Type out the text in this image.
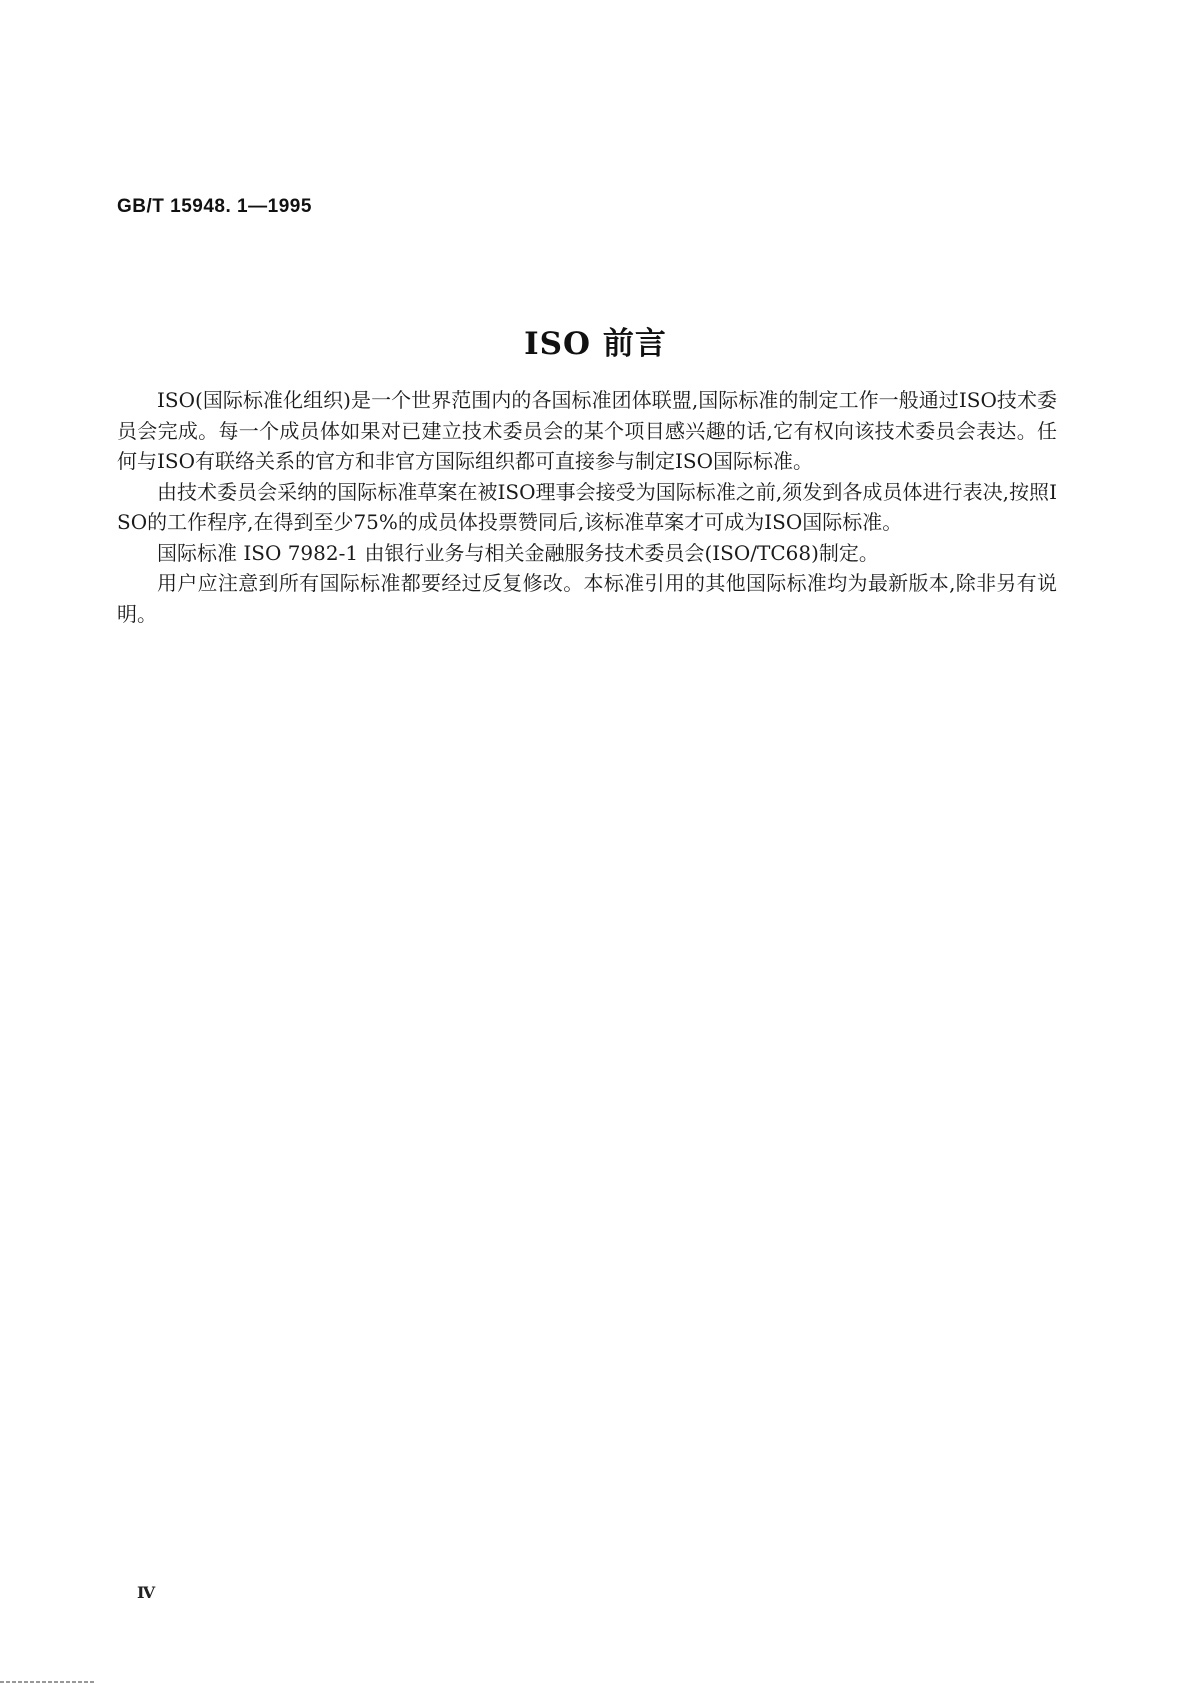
GB/T 15948. 1—1995
ISO 前言

ISO(国际标准化组织)是一个世界范围内的各国标准团体联盟,国际标准的制定工作一般通过ISO技术委员会完成。每一个成员体如果对已建立技术委员会的某个项目感兴趣的话,它有权向该技术委员会表达。任何与ISO有联络关系的官方和非官方国际组织都可直接参与制定ISO国际标准。

由技术委员会采纳的国际标准草案在被ISO理事会接受为国际标准之前,须发到各成员体进行表决,按照ISO的工作程序,在得到至少75%的成员体投票赞同后,该标准草案才可成为ISO国际标准。

国际标准 ISO 7982-1 由银行业务与相关金融服务技术委员会(ISO/TC68)制定。

用户应注意到所有国际标准都要经过反复修改。本标准引用的其他国际标准均为最新版本,除非另有说明。

Ⅳ
